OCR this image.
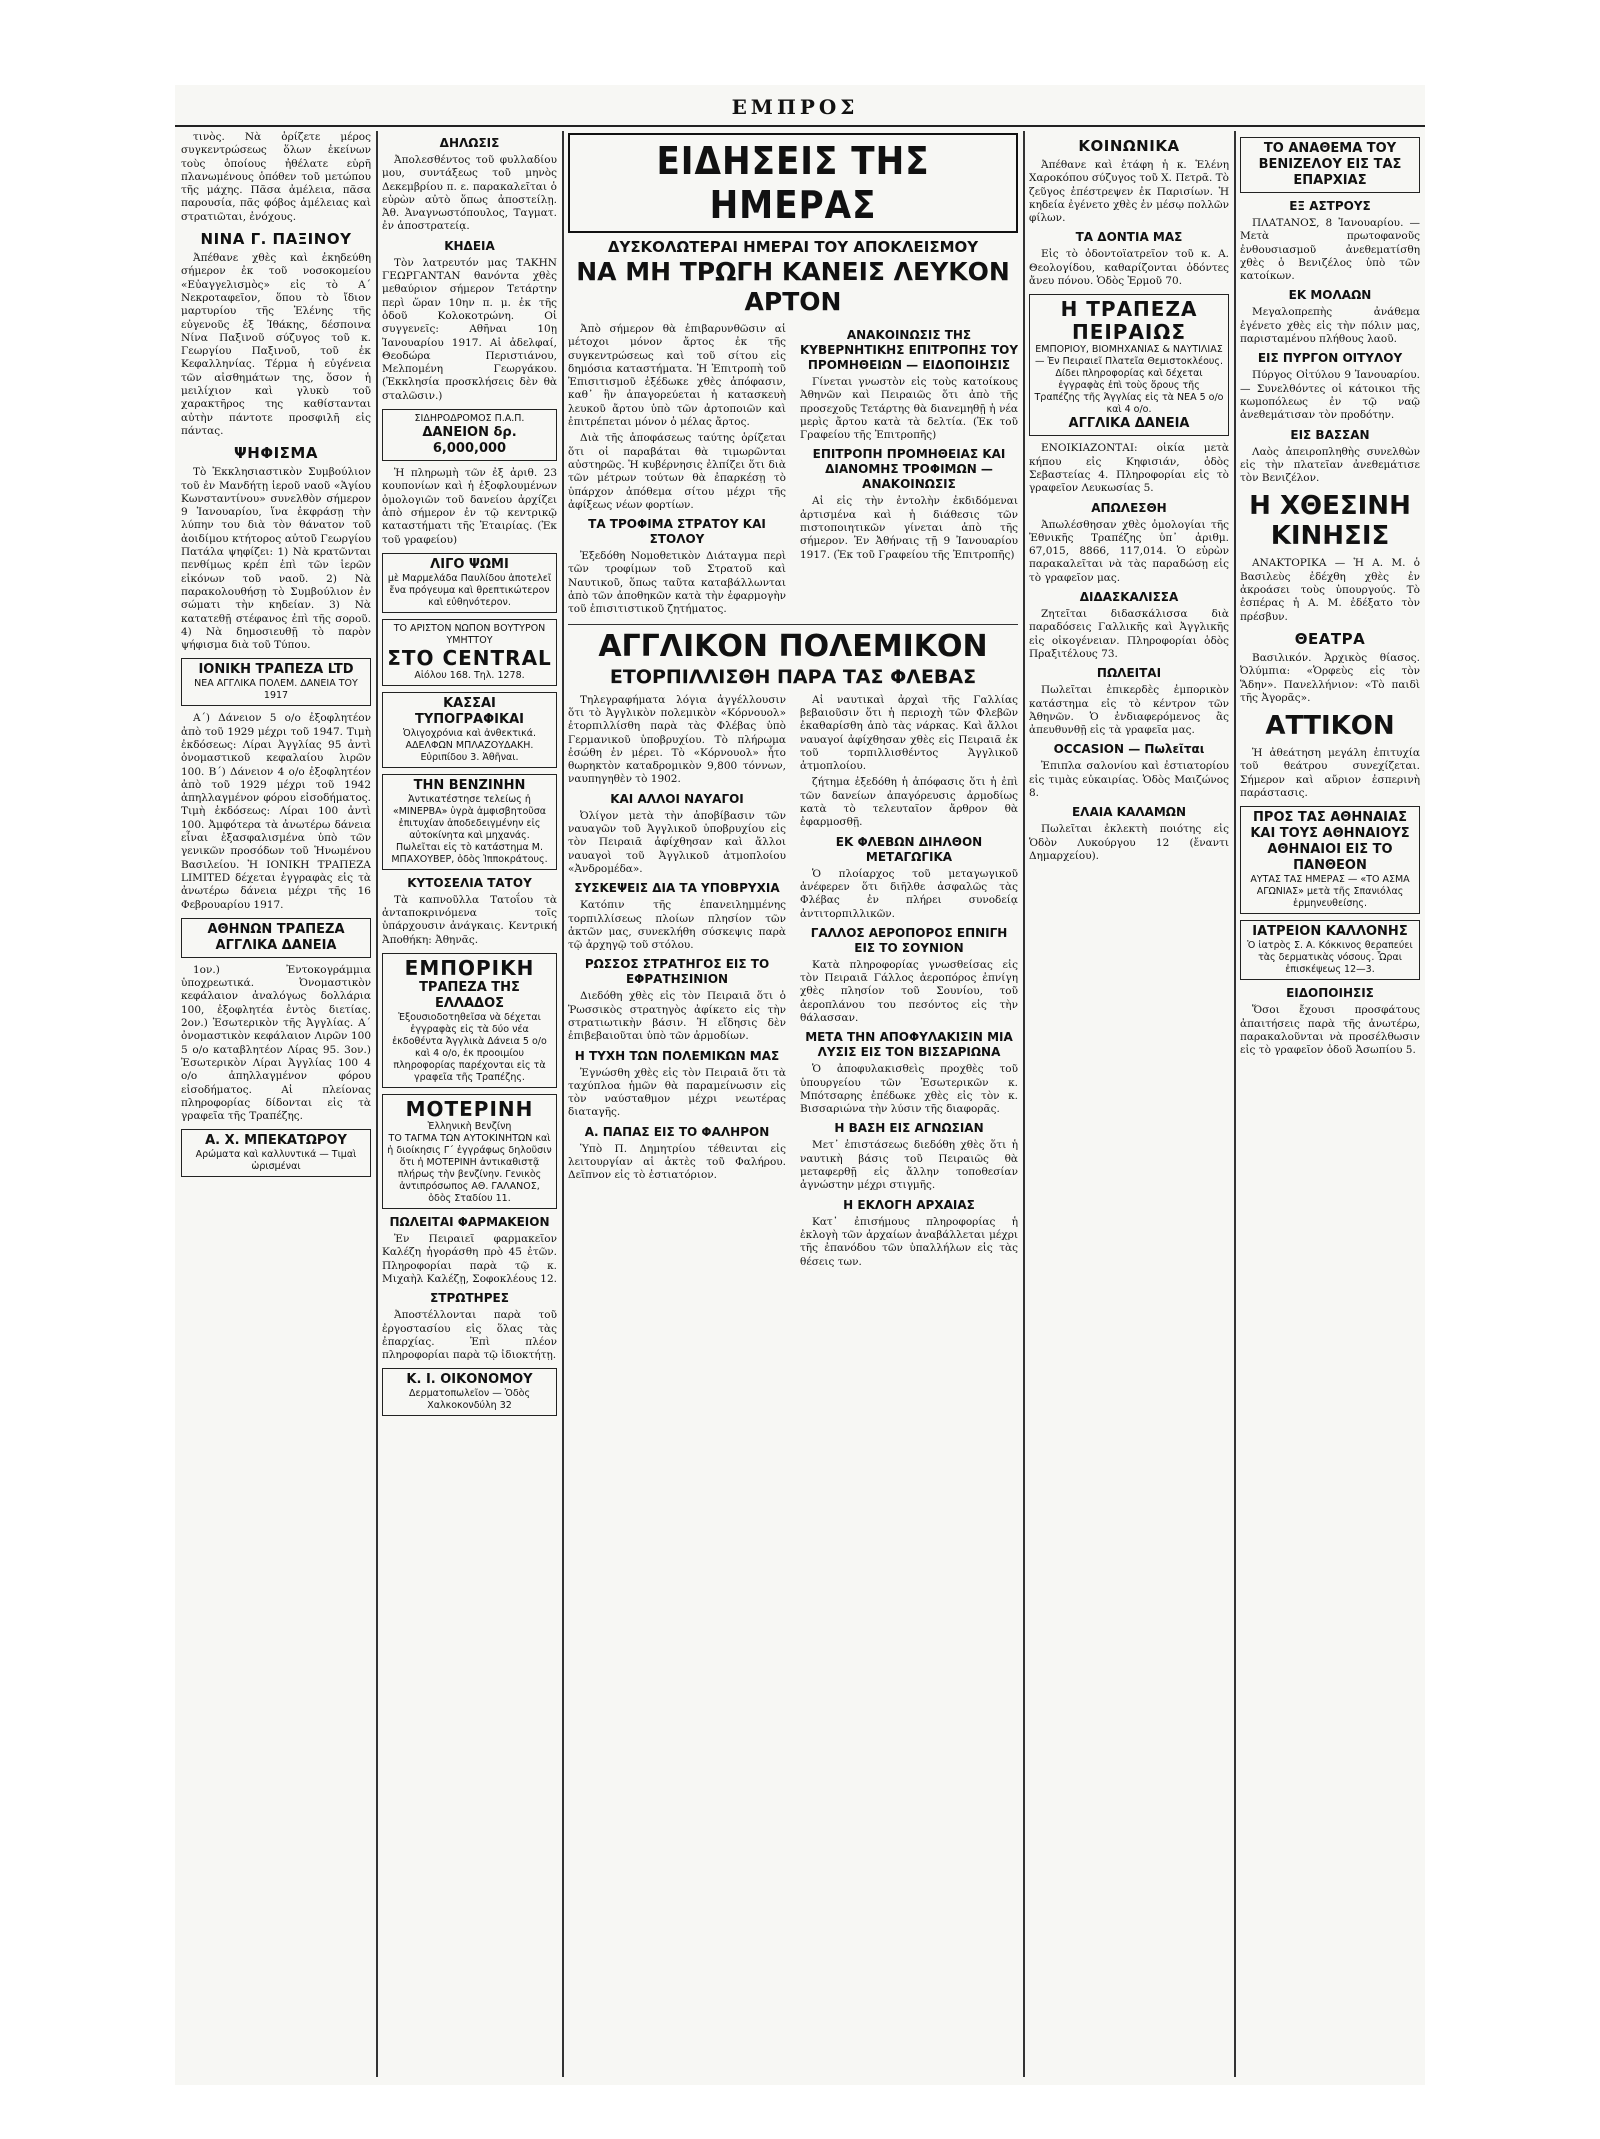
ΕΜΠΡΟΣ

τινὸς. Νὰ ὁρίζετε μέρος συγκεντρώσεως ὅλων ἐκείνων τοὺς ὁποίους ἠθέλατε εὑρῆ πλανωμένους ὁπόθεν τοῦ μετώπου τῆς μάχης. Πᾶσα ἀμέλεια, πᾶσα παρουσία, πᾶς φόβος ἀμέλειας καὶ στρατιῶται, ἐνόχους.

ΝΙΝΑ Γ. ΠΑΞΙΝΟΥ

Ἀπέθανε χθὲς καὶ ἐκηδεύθη σήμερον ἐκ τοῦ νοσοκομείου «Εὐαγγελισμὸς» εἰς τὸ Α΄ Νεκροταφεῖον, ὅπου τὸ ἴδιον μαρτυρίου τῆς Ἐλένης τῆς εὐγενοῦς ἐξ Ἰθάκης, δέσποινα Νίνα Παξινοῦ σύζυγος τοῦ κ. Γεωργίου Παξινοῦ, τοῦ ἐκ Κεφαλληνίας. Τέρμα ἡ εὐγένεια τῶν αἰσθημάτων της, ὅσον ἡ μειλίχιον καὶ γλυκὺ τοῦ χαρακτῆρος της καθίστανται αὐτὴν πάντοτε προσφιλῆ εἰς πάντας.

ΨΗΦΙΣΜΑ

Τὸ Ἐκκλησιαστικὸν Συμβούλιον τοῦ ἐν Μανδήτῃ ἱεροῦ ναοῦ «Ἁγίου Κωνσταντίνου» συνελθὸν σήμερον 9 Ἰανουαρίου, ἵνα ἐκφράσῃ τὴν λύπην του διὰ τὸν θάνατον τοῦ ἀοιδίμου κτήτορος αὐτοῦ Γεωργίου Πατάλα ψηφίζει: 1) Νὰ κρατῶνται πενθίμως κρέπ ἐπὶ τῶν ἱερῶν εἰκόνων τοῦ ναοῦ. 2) Νὰ παρακολουθήσῃ τὸ Συμβούλιον ἐν σώματι τὴν κηδείαν. 3) Νὰ κατατεθῇ στέφανος ἐπὶ τῆς σοροῦ. 4) Νὰ δημοσιευθῇ τὸ παρὸν ψήφισμα διὰ τοῦ Τύπου.

ΙΟΝΙΚΗ ΤΡΑΠΕΖΑ LTD
ΝΕΑ ΑΓΓΛΙΚΑ ΠΟΛΕΜ. ΔΑΝΕΙΑ ΤΟΥ 1917

Α΄) Δάνειον 5 ο/ο ἐξοφλητέον ἀπὸ τοῦ 1929 μέχρι τοῦ 1947. Τιμὴ ἐκδόσεως: Λίραι Ἀγγλίας 95 ἀντὶ ὀνομαστικοῦ κεφαλαίου λιρῶν 100. Β΄) Δάνειον 4 ο/ο ἐξοφλητέον ἀπὸ τοῦ 1929 μέχρι τοῦ 1942 ἀπηλλαγμένον φόρου εἰσοδήματος. Τιμὴ ἐκδόσεως: Λίραι 100 ἀντὶ 100. Ἀμφότερα τὰ ἀνωτέρω δάνεια εἶναι ἐξασφαλισμένα ὑπὸ τῶν γενικῶν προσόδων τοῦ Ἡνωμένου Βασιλείου. Ἡ ΙΟΝΙΚΗ ΤΡΑΠΕΖΑ LIMITED δέχεται ἐγγραφὰς εἰς τὰ ἀνωτέρω δάνεια μέχρι τῆς 16 Φεβρουαρίου 1917.

ΑΘΗΝΩΝ ΤΡΑΠΕΖΑ
ΑΓΓΛΙΚΑ ΔΑΝΕΙΑ

1ον.) Ἐντοκογράμμια ὑποχρεωτικά. Ὀνομαστικὸν κεφάλαιον ἀναλόγως δολλάρια 100, ἐξοφλητέα ἐντὸς διετίας. 2ον.) Ἐσωτερικὸν τῆς Ἀγγλίας. Α΄ ὀνομαστικὸν κεφάλαιον Λιρῶν 100 5 ο/ο καταβλητέον Λίρας 95. 3ον.) Ἐσωτερικὸν Λίραι Ἀγγλίας 100 4 ο/ο ἀπηλλαγμένον φόρου εἰσοδήματος. Αἱ πλείονας πληροφορίας δίδονται εἰς τὰ γραφεῖα τῆς Τραπέζης.

Α. Χ. ΜΠΕΚΑΤΩΡΟΥ
Αρώματα καὶ καλλυντικά — Τιμαὶ ὡρισμέναι
ΔΗΛΩΣΙΣ

Ἀπολεσθέντος τοῦ φυλλαδίου μου, συντάξεως τοῦ μηνὸς Δεκεμβρίου π. ε. παρακαλεῖται ὁ εὑρὼν αὐτὸ ὅπως ἀποστείλῃ. Ἀθ. Ἀναγνωστόπουλος, Ταγματ. ἐν ἀποστρατείᾳ.

ΚΗΔΕΙΑ

Τὸν λατρευτόν μας ΤΑΚΗΝ ΓΕΩΡΓΑΝΤΑΝ θανόντα χθὲς μεθαύριον σήμερον Τετάρτην περὶ ὥραν 10ην π. μ. ἐκ τῆς ὁδοῦ Κολοκοτρώνη. Οἱ συγγενεῖς: Αθῆναι 10ῃ Ἰανουαρίου 1917. Αἱ ἀδελφαί, Θεοδώρα Περιστιάνου, Μελπομένη Γεωργάκου. (Ἐκκλησία προσκλήσεις δὲν θὰ σταλῶσιν.)

ΣΙΔΗΡΟΔΡΟΜΟΣ Π.Α.Π.
ΔΑΝΕΙΟΝ δρ. 6,000,000

Ἡ πληρωμὴ τῶν ἐξ ἀριθ. 23 κουπονίων καὶ ἡ ἐξοφλουμένων ὁμολογιῶν τοῦ δανείου ἀρχίζει ἀπὸ σήμερον ἐν τῷ κεντρικῷ καταστήματι τῆς Ἑταιρίας. (Ἐκ τοῦ γραφείου)

ΛΙΓΟ ΨΩΜΙ
μὲ Μαρμελάδα Παυλίδου ἀποτελεῖ ἔνα πρόγευμα καὶ θρεπτικώτερον καὶ εὐθηνότερον.
ΤΟ ΑΡΙΣΤΟΝ ΝΩΠΟΝ ΒΟΥΤΥΡΟΝ ΥΜΗΤΤΟΥ
ΣΤΟ CENTRAL
Αἰόλου 168. Τηλ. 1278.
ΚΑΣΣΑΙ ΤΥΠΟΓΡΑΦΙΚΑΙ
Ὀλιγοχρόνια καὶ ἀνθεκτικά. ΑΔΕΛΦΩΝ ΜΠΛΑΖΟΥΔΑΚΗ. Εὐριπίδου 3. Ἀθῆναι.
ΤΗΝ ΒΕΝΖΙΝΗΝ
Ἀντικατέστησε τελείως ἡ «ΜΙΝΕΡΒΑ» ὑγρὰ ἀμφισβητοῦσα ἐπιτυχίαν ἀποδεδειγμένην εἰς αὐτοκίνητα καὶ μηχανάς. Πωλεῖται εἰς τὸ κατάστημα Μ. ΜΠΑΧΟΥΒΕΡ, ὁδὸς Ἱπποκράτους.
ΚΥΤΟΣΕΛΙΑ ΤΑΤΟΥ

Τὰ καπνοῦλλα Τατοΐου τὰ ἀνταποκρινόμενα τοῖς ὑπάρχουσιν ἀνάγκαις. Κεντρική Ἀποθήκη: Ἀθηνᾶς.

ΕΜΠΟΡΙΚΗ
ΤΡΑΠΕΖΑ ΤΗΣ ΕΛΛΑΔΟΣ
Ἐξουσιοδοτηθεῖσα νὰ δέχεται ἐγγραφὰς εἰς τὰ δύο νέα ἐκδοθέντα Ἀγγλικὰ Δάνεια 5 ο/ο καὶ 4 ο/ο, ἐκ προοιμίου πληροφορίας παρέχονται εἰς τὰ γραφεῖα τῆς Τραπέζης.
ΜΟΤΕΡΙΝΗ
Ἑλληνικὴ Βενζίνη
ΤΟ ΤΑΓΜΑ ΤΩΝ ΑΥΤΟΚΙΝΗΤΩΝ καὶ ἡ διοίκησις Γ΄ ἐγγράφως δηλοῦσιν ὅτι ἡ ΜΟΤΕΡΙΝΗ ἀντικαθιστᾷ πλήρως τὴν βενζίνην. Γενικὸς ἀντιπρόσωπος ΑΘ. ΓΑΛΑΝΟΣ, ὁδὸς Σταδίου 11.
ΠΩΛΕΙΤΑΙ ΦΑΡΜΑΚΕΙΟΝ

Ἐν Πειραιεῖ φαρμακεῖον Καλέζη ἠγοράσθη πρὸ 45 ἐτῶν. Πληροφορίαι παρὰ τῷ κ. Μιχαὴλ Καλέζῃ, Σοφοκλέους 12.

ΣΤΡΩΤΗΡΕΣ

Ἀποστέλλονται παρὰ τοῦ ἐργοστασίου εἰς ὅλας τὰς ἐπαρχίας. Ἐπὶ πλέον πληροφορίαι παρὰ τῷ ἰδιοκτήτῃ.

Κ. Ι. ΟΙΚΟΝΟΜΟΥ
Δερματοπωλεῖον — Ὁδὸς Χαλκοκονδύλη 32
ΕΙΔΗΣΕΙΣ ΤΗΣ ΗΜΕΡΑΣ
ΔΥΣΚΟΛΩΤΕΡΑΙ ΗΜΕΡΑΙ ΤΟΥ ΑΠΟΚΛΕΙΣΜΟΥ
ΝΑ ΜΗ ΤΡΩΓΗ ΚΑΝΕΙΣ ΛΕΥΚΟΝ ΑΡΤΟΝ

Ἀπὸ σήμερον θὰ ἐπιβαρυνθῶσιν αἱ μέτοχοι μόνον ἄρτος ἐκ τῆς συγκεντρώσεως καὶ τοῦ σίτου εἰς δημόσια καταστήματα. Ἡ Ἐπιτροπὴ τοῦ Ἐπισιτισμοῦ ἐξέδωκε χθὲς ἀπόφασιν, καθ᾽ ἣν ἀπαγορεύεται ἡ κατασκευὴ λευκοῦ ἄρτου ὑπὸ τῶν ἀρτοποιῶν καὶ ἐπιτρέπεται μόνον ὁ μέλας ἄρτος.

Διὰ τῆς ἀποφάσεως ταύτης ὁρίζεται ὅτι οἱ παραβάται θὰ τιμωρῶνται αὐστηρῶς. Ἡ κυβέρνησις ἐλπίζει ὅτι διὰ τῶν μέτρων τούτων θὰ ἐπαρκέσῃ τὸ ὑπάρχον ἀπόθεμα σίτου μέχρι τῆς ἀφίξεως νέων φορτίων.

ΤΑ ΤΡΟΦΙΜΑ ΣΤΡΑΤΟΥ ΚΑΙ ΣΤΟΛΟΥ

Ἐξεδόθη Νομοθετικὸν Διάταγμα περὶ τῶν τροφίμων τοῦ Στρατοῦ καὶ Ναυτικοῦ, ὅπως ταῦτα καταβάλλωνται ἀπὸ τῶν ἀποθηκῶν κατὰ τὴν ἐφαρμογὴν τοῦ ἐπισιτιστικοῦ ζητήματος.

ΑΝΑΚΟΙΝΩΣΙΣ ΤΗΣ ΚΥΒΕΡΝΗΤΙΚΗΣ ΕΠΙΤΡΟΠΗΣ ΤΟΥ ΠΡΟΜΗΘΕΙΩΝ — ΕΙΔΟΠΟΙΗΣΙΣ

Γίνεται γνωστὸν εἰς τοὺς κατοίκους Ἀθηνῶν καὶ Πειραιῶς ὅτι ἀπὸ τῆς προσεχοῦς Τετάρτης θὰ διανεμηθῇ ἡ νέα μερὶς ἄρτου κατὰ τὰ δελτία. (Ἐκ τοῦ Γραφείου τῆς Ἐπιτροπῆς)

ΕΠΙΤΡΟΠΗ ΠΡΟΜΗΘΕΙΑΣ ΚΑΙ ΔΙΑΝΟΜΗΣ ΤΡΟΦΙΜΩΝ — ΑΝΑΚΟΙΝΩΣΙΣ

Αἱ εἰς τὴν ἐντολὴν ἐκδιδόμεναι ἀρτισμένα καὶ ἡ διάθεσις τῶν πιστοποιητικῶν γίνεται ἀπὸ τῆς σήμερον. Ἐν Ἀθήναις τῇ 9 Ἰανουαρίου 1917. (Ἐκ τοῦ Γραφείου τῆς Ἐπιτροπῆς)

ΑΓΓΛΙΚΟΝ ΠΟΛΕΜΙΚΟΝ
ΕΤΟΡΠΙΛΛΙΣΘΗ ΠΑΡΑ ΤΑΣ ΦΛΕΒΑΣ

Τηλεγραφήματα λόγια ἀγγέλλουσιν ὅτι τὸ Ἀγγλικὸν πολεμικὸν «Κόρνουολ» ἐτορπιλλίσθη παρὰ τὰς Φλέβας ὑπὸ Γερμανικοῦ ὑποβρυχίου. Τὸ πλήρωμα ἐσώθη ἐν μέρει. Τὸ «Κόρνουολ» ἦτο θωρηκτὸν καταδρομικὸν 9,800 τόννων, ναυπηγηθὲν τὸ 1902.

ΚΑΙ ΑΛΛΟΙ ΝΑΥΑΓΟΙ

Ὀλίγον μετὰ τὴν ἀποβίβασιν τῶν ναυαγῶν τοῦ Ἀγγλικοῦ ὑποβρυχίου εἰς τὸν Πειραιᾶ ἀφίχθησαν καὶ ἄλλοι ναυαγοὶ τοῦ Ἀγγλικοῦ ἀτμοπλοίου «Ἀνδρομέδα».

ΣΥΣΚΕΨΕΙΣ ΔΙΑ ΤΑ ΥΠΟΒΡΥΧΙΑ

Κατόπιν τῆς ἐπανειλημμένης τορπιλλίσεως πλοίων πλησίον τῶν ἀκτῶν μας, συνεκλήθη σύσκεψις παρὰ τῷ ἀρχηγῷ τοῦ στόλου.

ΡΩΣΣΟΣ ΣΤΡΑΤΗΓΟΣ ΕΙΣ ΤΟ ΕΦΡΑΤΗΣΙΝΙΟΝ

Διεδόθη χθὲς εἰς τὸν Πειραιᾶ ὅτι ὁ Ῥωσσικὸς στρατηγὸς ἀφίκετο εἰς τὴν στρατιωτικὴν βάσιν. Ἡ εἴδησις δὲν ἐπιβεβαιοῦται ὑπὸ τῶν ἀρμοδίων.

Η ΤΥΧΗ ΤΩΝ ΠΟΛΕΜΙΚΩΝ ΜΑΣ

Ἐγνώσθη χθὲς εἰς τὸν Πειραιᾶ ὅτι τὰ ταχύπλοα ἡμῶν θὰ παραμείνωσιν εἰς τὸν ναύσταθμον μέχρι νεωτέρας διαταγῆς.

Α. ΠΑΠΑΣ ΕΙΣ ΤΟ ΦΑΛΗΡΟΝ

Ὑπὸ Π. Δημητρίου τέθεινται εἰς λειτουργίαν αἱ ἀκτὲς τοῦ Φαλήρου. Δεῖπνον εἰς τὸ ἑστιατόριον.

Αἱ ναυτικαὶ ἀρχαὶ τῆς Γαλλίας βεβαιοῦσιν ὅτι ἡ περιοχὴ τῶν Φλεβῶν ἐκαθαρίσθη ἀπὸ τὰς νάρκας. Καὶ ἄλλοι ναυαγοί ἀφίχθησαν χθὲς εἰς Πειραιᾶ ἐκ τοῦ τορπιλλισθέντος Ἀγγλικοῦ ἀτμοπλοίου.

ζήτημα ἐξεδόθη ἡ ἀπόφασις ὅτι ἡ ἐπὶ τῶν δανείων ἀπαγόρευσις ἀρμοδίως κατὰ τὸ τελευταῖον ἄρθρον θὰ ἐφαρμοσθῇ.

ΕΚ ΦΛΕΒΩΝ ΔΙΗΛΘΟΝ ΜΕΤΑΓΩΓΙΚΑ

Ὁ πλοίαρχος τοῦ μεταγωγικοῦ ἀνέφερεν ὅτι διῆλθε ἀσφαλῶς τὰς Φλέβας ἐν πλήρει συνοδείᾳ ἀντιτορπιλλικῶν.

ΓΑΛΛΟΣ ΑΕΡΟΠΟΡΟΣ ΕΠΝΙΓΗ ΕΙΣ ΤΟ ΣΟΥΝΙΟΝ

Κατὰ πληροφορίας γνωσθείσας εἰς τὸν Πειραιᾶ Γάλλος ἀεροπόρος ἐπνίγη χθὲς πλησίον τοῦ Σουνίου, τοῦ ἀεροπλάνου του πεσόντος εἰς τὴν θάλασσαν.

ΜΕΤΑ ΤΗΝ ΑΠΟΦΥΛΑΚΙΣΙΝ ΜΙΑ ΛΥΣΙΣ ΕΙΣ ΤΟΝ ΒΙΣΣΑΡΙΩΝΑ

Ὁ ἀποφυλακισθεὶς προχθὲς τοῦ ὑπουργείου τῶν Ἐσωτερικῶν κ. Μπότσαρης ἐπέδωκε χθὲς εἰς τὸν κ. Βισσαριώνα τὴν λύσιν τῆς διαφορᾶς.

Η ΒΑΣΗ ΕΙΣ ΑΓΝΩΣΙΑΝ

Μετ᾽ ἐπιστάσεως διεδόθη χθὲς ὅτι ἡ ναυτικὴ βάσις τοῦ Πειραιῶς θὰ μεταφερθῇ εἰς ἄλλην τοποθεσίαν ἀγνώστην μέχρι στιγμῆς.

Η ΕΚΛΟΓΗ ΑΡΧΑΙΑΣ

Κατ᾽ ἐπισήμους πληροφορίας ἡ ἐκλογὴ τῶν ἀρχαίων ἀναβάλλεται μέχρι τῆς ἐπανόδου τῶν ὑπαλλήλων εἰς τὰς θέσεις των.

ΚΟΙΝΩΝΙΚΑ

Ἀπέθανε καὶ ἐτάφη ἡ κ. Ἑλένη Χαροκόπου σύζυγος τοῦ Χ. Πετρᾶ. Τὸ ζεῦγος ἐπέστρεψεν ἐκ Παρισίων. Ἡ κηδεία ἐγένετο χθὲς ἐν μέσῳ πολλῶν φίλων.

ΤΑ ΔΟΝΤΙΑ ΜΑΣ

Εἰς τὸ ὀδοντοϊατρεῖον τοῦ κ. Α. Θεολογίδου, καθαρίζονται ὀδόντες ἄνευ πόνου. Ὁδὸς Ἑρμοῦ 70.

Η ΤΡΑΠΕΖΑ
ΠΕΙΡΑΙΩΣ
ΕΜΠΟΡΙΟΥ, ΒΙΟΜΗΧΑΝΙΑΣ & ΝΑΥΤΙΛΙΑΣ — Ἐν Πειραιεῖ Πλατεῖα Θεμιστοκλέους. Δίδει πληροφορίας καὶ δέχεται ἐγγραφὰς ἐπὶ τοὺς ὅρους τῆς Τραπέζης τῆς Ἀγγλίας εἰς τὰ ΝΕΑ 5 ο/ο καὶ 4 ο/ο.
ΑΓΓΛΙΚΑ ΔΑΝΕΙΑ

ΕΝΟΙΚΙΑΖΟΝΤΑΙ: οἰκία μετὰ κήπου εἰς Κηφισιάν, ὁδὸς Σεβαστείας 4. Πληροφορίαι εἰς τὸ γραφεῖον Λευκωσίας 5.

ΑΠΩΛΕΣΘΗ

Ἀπωλέσθησαν χθὲς ὀμολογίαι τῆς Ἐθνικῆς Τραπέζης ὑπ᾽ ἀριθμ. 67,015, 8866, 117,014. Ὁ εὑρὼν παρακαλεῖται νὰ τὰς παραδώσῃ εἰς τὸ γραφεῖον μας.

ΔΙΔΑΣΚΑΛΙΣΣΑ

Ζητεῖται διδασκάλισσα διὰ παραδόσεις Γαλλικῆς καὶ Ἀγγλικῆς εἰς οἰκογένειαν. Πληροφορίαι ὁδὸς Πραξιτέλους 73.

ΠΩΛΕΙΤΑΙ

Πωλεῖται ἐπικερδὲς ἐμπορικὸν κατάστημα εἰς τὸ κέντρον τῶν Ἀθηνῶν. Ὁ ἐνδιαφερόμενος ἂς ἀπευθυνθῇ εἰς τὰ γραφεῖα μας.

OCCASION — Πωλεῖται

Ἐπιπλα σαλονίου καὶ ἐστιατορίου εἰς τιμὰς εὐκαιρίας. Ὁδὸς Μαιζώνος 8.

ΕΛΑΙΑ ΚΑΛΑΜΩΝ

Πωλεῖται ἐκλεκτὴ ποιότης εἰς Ὁδὸν Λυκούργου 12 (ἔναντι Δημαρχείου).

ΤΟ ΑΝΑΘΕΜΑ ΤΟΥ ΒΕΝΙΖΕΛΟΥ ΕΙΣ ΤΑΣ ΕΠΑΡΧΙΑΣ
ΕΞ ΑΣΤΡΟΥΣ

ΠΛΑΤΑΝΟΣ, 8 Ἰανουαρίου. — Μετὰ πρωτοφανοῦς ἐνθουσιασμοῦ ἀνεθεματίσθη χθὲς ὁ Βενιζέλος ὑπὸ τῶν κατοίκων.

ΕΚ ΜΟΛΑΩΝ

Μεγαλοπρεπὴς ἀνάθεμα ἐγένετο χθὲς εἰς τὴν πόλιν μας, παρισταμένου πλήθους λαοῦ.

ΕΙΣ ΠΥΡΓΟΝ ΟΙΤΥΛΟΥ

Πύργος Οἰτύλου 9 Ἰανουαρίου. — Συνελθόντες οἱ κάτοικοι τῆς κωμοπόλεως ἐν τῷ ναῷ ἀνεθεμάτισαν τὸν προδότην.

ΕΙΣ ΒΑΣΣΑΝ

Λαὸς ἀπειροπληθὴς συνελθὼν εἰς τὴν πλατεῖαν ἀνεθεμάτισε τὸν Βενιζέλον.

Η ΧΘΕΣΙΝΗ
ΚΙΝΗΣΙΣ

ΑΝΑΚΤΟΡΙΚΑ — Ἡ Α. Μ. ὁ Βασιλεὺς ἐδέχθη χθὲς ἐν ἀκροάσει τοὺς ὑπουργούς. Τὸ ἐσπέρας ἡ Α. Μ. ἐδέξατο τὸν πρέσβυν.

ΘΕΑΤΡΑ

Βασιλικόν. Ἀρχικὸς θίασος. Ὀλύμπια: «Ὁρφεὺς εἰς τὸν Ἅδην». Πανελλήνιον: «Τὸ παιδὶ τῆς Ἀγορᾶς».

ΑΤΤΙΚΟΝ

Ἡ ἀθεάτηση μεγάλη ἐπιτυχία τοῦ θεάτρου συνεχίζεται. Σήμερον καὶ αὔριον ἐσπερινὴ παράστασις.

ΠΡΟΣ ΤΑΣ ΑΘΗΝΑΙΑΣ ΚΑΙ ΤΟΥΣ ΑΘΗΝΑΙΟΥΣ
ΑΘΗΝΑΙΟΙ ΕΙΣ ΤΟ ΠΑΝΘΕΟΝ
ΑΥΤΑΣ ΤΑΣ ΗΜΕΡΑΣ — «ΤΟ ΑΣΜΑ ΑΓΩΝΙΑΣ» μετὰ τῆς Σπανιόλας ἐρμηνευθείσης.
ΙΑΤΡΕΙΟΝ ΚΑΛΛΟΝΗΣ
Ὁ ἰατρὸς Σ. Α. Κόκκινος θεραπεύει τὰς δερματικὰς νόσους. Ὧραι ἐπισκέψεως 12—3.
ΕΙΔΟΠΟΙΗΣΙΣ

Ὅσοι ἔχουσι προσφάτους ἀπαιτήσεις παρὰ τῆς ἀνωτέρω, παρακαλοῦνται νὰ προσέλθωσιν εἰς τὸ γραφεῖον ὁδοῦ Ἀσωπίου 5.
